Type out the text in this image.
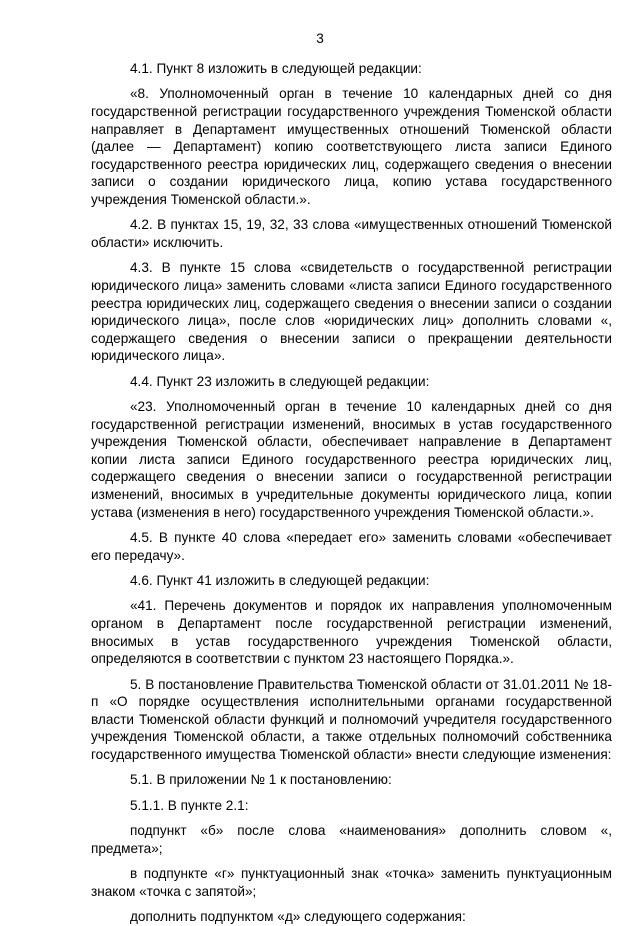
3

4.1. Пункт 8 изложить в следующей редакции:

«8. Уполномоченный орган в течение 10 календарных дней со дня государственной регистрации государственного учреждения Тюменской области направляет в Департамент имущественных отношений Тюменской области (далее — Департамент) копию соответствующего листа записи Единого государственного реестра юридических лиц, содержащего сведения о внесении записи о создании юридического лица, копию устава государственного учреждения Тюменской области.».

4.2. В пунктах 15, 19, 32, 33 слова «имущественных отношений Тюменской области» исключить.

4.3. В пункте 15 слова «свидетельств о государственной регистрации юридического лица» заменить словами «листа записи Единого государственного реестра юридических лиц, содержащего сведения о внесении записи о создании юридического лица», после слов «юридических лиц» дополнить словами «, содержащего сведения о внесении записи о прекращении деятельности юридического лица».

4.4. Пункт 23 изложить в следующей редакции:

«23. Уполномоченный орган в течение 10 календарных дней со дня государственной регистрации изменений, вносимых в устав государственного учреждения Тюменской области, обеспечивает направление в Департамент копии листа записи Единого государственного реестра юридических лиц, содержащего сведения о внесении записи о государственной регистрации изменений, вносимых в учредительные документы юридического лица, копии устава (изменения в него) государственного учреждения Тюменской области.».

4.5. В пункте 40 слова «передает его» заменить словами «обеспечивает его передачу».

4.6. Пункт 41 изложить в следующей редакции:

«41. Перечень документов и порядок их направления уполномоченным органом в Департамент после государственной регистрации изменений, вносимых в устав государственного учреждения Тюменской области, определяются в соответствии с пунктом 23 настоящего Порядка.».

5. В постановление Правительства Тюменской области от 31.01.2011 № 18-п «О порядке осуществления исполнительными органами государственной власти Тюменской области функций и полномочий учредителя государственного учреждения Тюменской области, а также отдельных полномочий собственника государственного имущества Тюменской области» внести следующие изменения:

5.1. В приложении № 1 к постановлению:

5.1.1. В пункте 2.1:

подпункт «б» после слова «наименования» дополнить словом «, предмета»;

в подпункте «г» пунктуационный знак «точка» заменить пунктуационным знаком «точка с запятой»;

дополнить подпунктом «д» следующего содержания:
